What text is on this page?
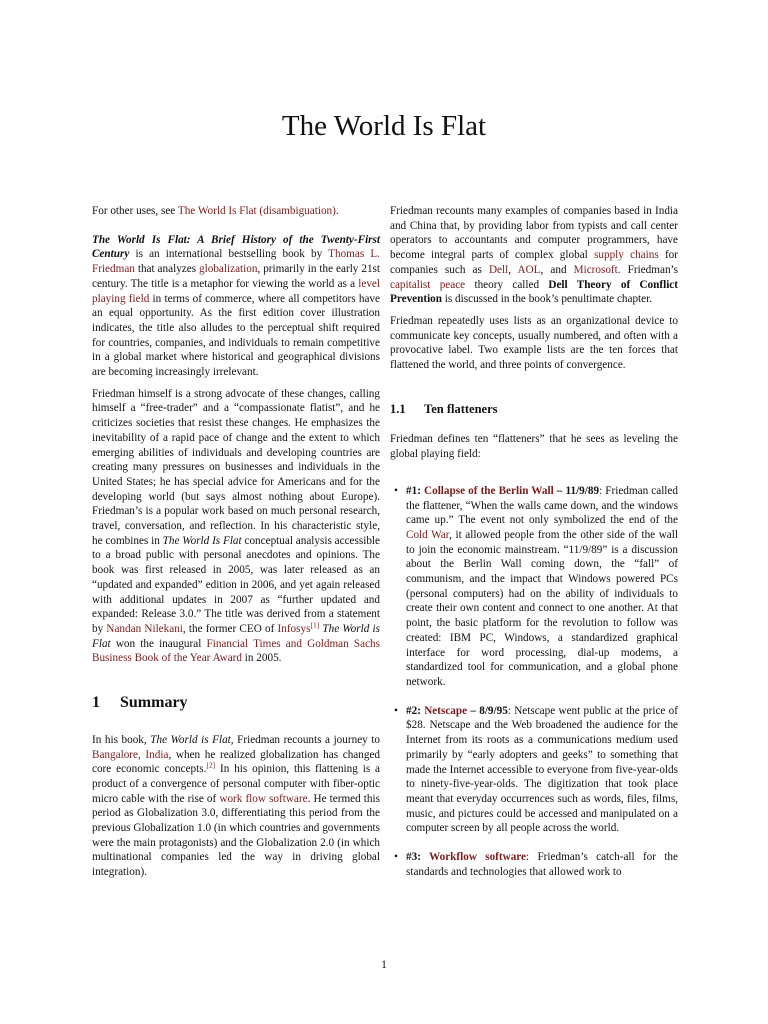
The World Is Flat

For other uses, see The World Is Flat (disambiguation).

The World Is Flat: A Brief History of the Twenty-First Century is an international bestselling book by Thomas L. Friedman that analyzes globalization, primarily in the early 21st century. The title is a metaphor for viewing the world as a level playing field in terms of commerce, where all competitors have an equal opportunity. As the first edition cover illustration indicates, the title also alludes to the perceptual shift required for countries, companies, and individuals to remain competitive in a global market where historical and geographical divisions are becoming increasingly irrelevant.

Friedman himself is a strong advocate of these changes, calling himself a “free-trader” and a “compassionate flatist”, and he criticizes societies that resist these changes. He emphasizes the inevitability of a rapid pace of change and the extent to which emerging abilities of individuals and developing countries are creating many pressures on businesses and individuals in the United States; he has special advice for Americans and for the developing world (but says almost nothing about Europe). Friedman’s is a popular work based on much personal research, travel, conversation, and reflection. In his characteristic style, he combines in The World Is Flat conceptual analysis accessible to a broad public with personal anecdotes and opinions. The book was first released in 2005, was later released as an “updated and expanded” edition in 2006, and yet again released with additional updates in 2007 as “further updated and expanded: Release 3.0.” The title was derived from a statement by Nandan Nilekani, the former CEO of Infosys[1] The World is Flat won the inaugural Financial Times and Goldman Sachs Business Book of the Year Award in 2005.

1 Summary

In his book, The World is Flat, Friedman recounts a journey to Bangalore, India, when he realized globalization has changed core economic concepts.[2] In his opinion, this flattening is a product of a convergence of personal computer with fiber-optic micro cable with the rise of work flow software. He termed this period as Globalization 3.0, differentiating this period from the previous Globalization 1.0 (in which countries and governments were the main protagonists) and the Globalization 2.0 (in which multinational companies led the way in driving global integration).

Friedman recounts many examples of companies based in India and China that, by providing labor from typists and call center operators to accountants and computer programmers, have become integral parts of complex global supply chains for companies such as Dell, AOL, and Microsoft. Friedman’s capitalist peace theory called Dell Theory of Conflict Prevention is discussed in the book’s penultimate chapter.

Friedman repeatedly uses lists as an organizational device to communicate key concepts, usually numbered, and often with a provocative label. Two example lists are the ten forces that flattened the world, and three points of convergence.

1.1 Ten flatteners

Friedman defines ten “flatteners” that he sees as leveling the global playing field:

• #1: Collapse of the Berlin Wall – 11/9/89: Friedman called the flattener, “When the walls came down, and the windows came up.” The event not only symbolized the end of the Cold War, it allowed people from the other side of the wall to join the economic mainstream. “11/9/89” is a discussion about the Berlin Wall coming down, the “fall” of communism, and the impact that Windows powered PCs (personal computers) had on the ability of individuals to create their own content and connect to one another. At that point, the basic platform for the revolution to follow was created: IBM PC, Windows, a standardized graphical interface for word processing, dial-up modems, a standardized tool for communication, and a global phone network.
• #2: Netscape – 8/9/95: Netscape went public at the price of $28. Netscape and the Web broadened the audience for the Internet from its roots as a communications medium used primarily by “early adopters and geeks” to something that made the Internet accessible to everyone from five-year-olds to ninety-five-year-olds. The digitization that took place meant that everyday occurrences such as words, files, films, music, and pictures could be accessed and manipulated on a computer screen by all people across the world.
• #3: Workflow software: Friedman’s catch-all for the standards and technologies that allowed work to
1
